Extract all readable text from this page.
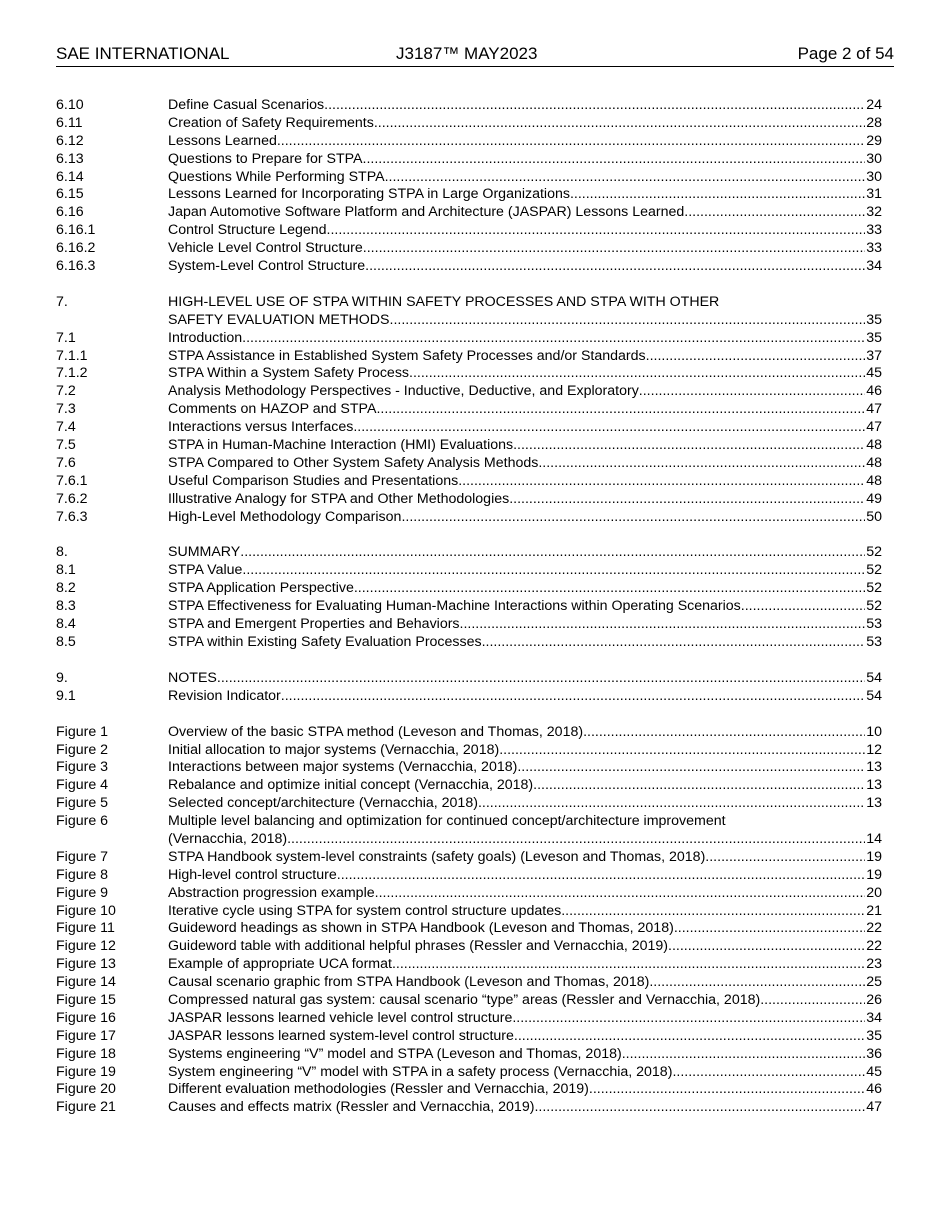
SAE INTERNATIONAL	J3187™ MAY2023	Page 2 of 54
6.10	Define Casual Scenarios .....	24
6.11	Creation of Safety Requirements .....	28
6.12	Lessons Learned .....	29
6.13	Questions to Prepare for STPA .....	30
6.14	Questions While Performing STPA .....	30
6.15	Lessons Learned for Incorporating STPA in Large Organizations .....	31
6.16	Japan Automotive Software Platform and Architecture (JASPAR) Lessons Learned .....	32
6.16.1	Control Structure Legend .....	33
6.16.2	Vehicle Level Control Structure .....	33
6.16.3	System-Level Control Structure .....	34
7.	HIGH-LEVEL USE OF STPA WITHIN SAFETY PROCESSES AND STPA WITH OTHER
SAFETY EVALUATION METHODS .....	35
7.1	Introduction .....	35
7.1.1	STPA Assistance in Established System Safety Processes and/or Standards .....	37
7.1.2	STPA Within a System Safety Process .....	45
7.2	Analysis Methodology Perspectives - Inductive, Deductive, and Exploratory .....	46
7.3	Comments on HAZOP and STPA .....	47
7.4	Interactions versus Interfaces .....	47
7.5	STPA in Human-Machine Interaction (HMI) Evaluations .....	48
7.6	STPA Compared to Other System Safety Analysis Methods .....	48
7.6.1	Useful Comparison Studies and Presentations .....	48
7.6.2	Illustrative Analogy for STPA and Other Methodologies .....	49
7.6.3	High-Level Methodology Comparison .....	50
8.	SUMMARY .....	52
8.1	STPA Value .....	52
8.2	STPA Application Perspective .....	52
8.3	STPA Effectiveness for Evaluating Human-Machine Interactions within Operating Scenarios .....	52
8.4	STPA and Emergent Properties and Behaviors .....	53
8.5	STPA within Existing Safety Evaluation Processes .....	53
9.	NOTES .....	54
9.1	Revision Indicator .....	54
Figure 1	Overview of the basic STPA method (Leveson and Thomas, 2018) .....	10
Figure 2	Initial allocation to major systems (Vernacchia, 2018) .....	12
Figure 3	Interactions between major systems (Vernacchia, 2018) .....	13
Figure 4	Rebalance and optimize initial concept (Vernacchia, 2018) .....	13
Figure 5	Selected concept/architecture (Vernacchia, 2018) .....	13
Figure 6	Multiple level balancing and optimization for continued concept/architecture improvement
(Vernacchia, 2018) .....	14
Figure 7	STPA Handbook system-level constraints (safety goals) (Leveson and Thomas, 2018) .....	19
Figure 8	High-level control structure .....	19
Figure 9	Abstraction progression example .....	20
Figure 10	Iterative cycle using STPA for system control structure updates .....	21
Figure 11	Guideword headings as shown in STPA Handbook (Leveson and Thomas, 2018) .....	22
Figure 12	Guideword table with additional helpful phrases (Ressler and Vernacchia, 2019) .....	22
Figure 13	Example of appropriate UCA format .....	23
Figure 14	Causal scenario graphic from STPA Handbook (Leveson and Thomas, 2018) .....	25
Figure 15	Compressed natural gas system: causal scenario “type” areas (Ressler and Vernacchia, 2018) .....	26
Figure 16	JASPAR lessons learned vehicle level control structure .....	34
Figure 17	JASPAR lessons learned system-level control structure .....	35
Figure 18	Systems engineering “V” model and STPA (Leveson and Thomas, 2018) .....	36
Figure 19	System engineering “V” model with STPA in a safety process (Vernacchia, 2018) .....	45
Figure 20	Different evaluation methodologies (Ressler and Vernacchia, 2019) .....	46
Figure 21	Causes and effects matrix (Ressler and Vernacchia, 2019) .....	47
